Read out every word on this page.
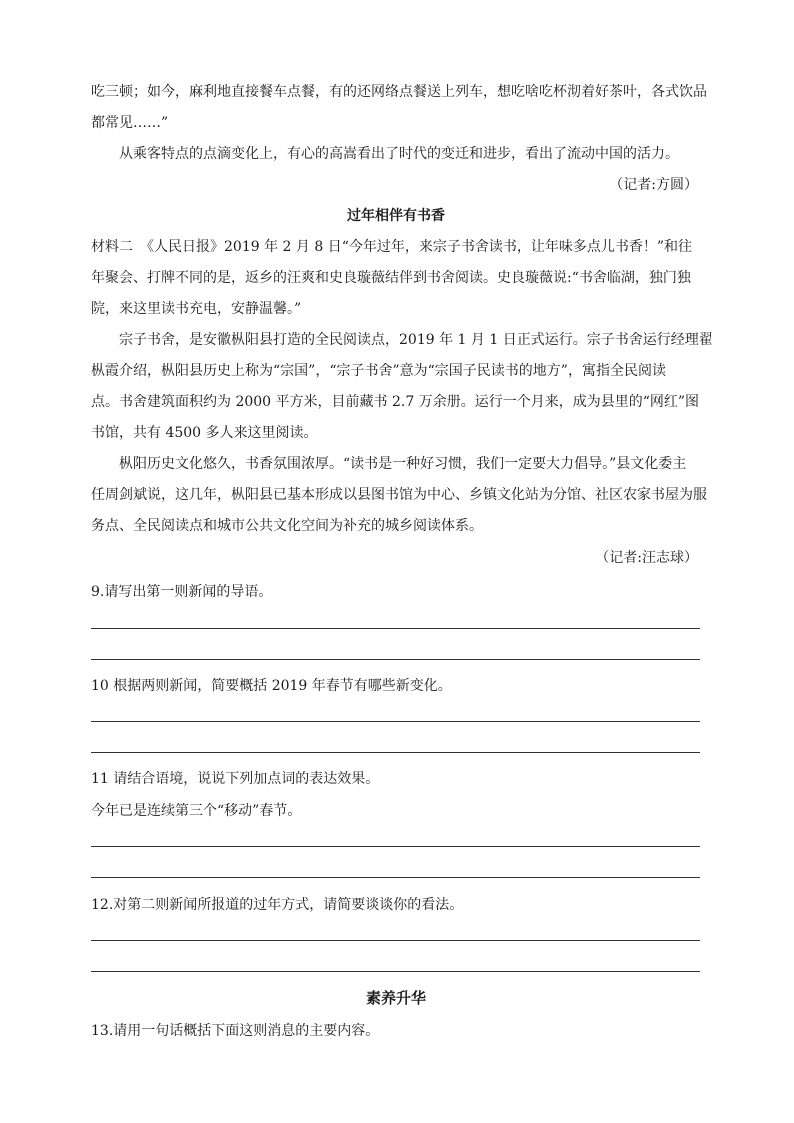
吃三顿；如今，麻利地直接餐车点餐，有的还网络点餐送上列车，想吃啥吃杯沏着好茶叶，各式饮品
都常见……”
从乘客特点的点滴变化上，有心的高嵩看出了时代的变迁和进步，看出了流动中国的活力。
（记者:方圆）
过年相伴有书香
材料二　《人民日报》2019 年 2 月 8 日“今年过年，来宗子书舍读书，让年味多点儿书香！”和往
年聚会、打牌不同的是，返乡的汪爽和史良璇薇结伴到书舍阅读。史良璇薇说:“书舍临湖，独门独
院，来这里读书充电，安静温馨。”
宗子书舍，是安徽枞阳县打造的全民阅读点，2019 年 1 月 1 日正式运行。宗子书舍运行经理翟
枞霞介绍，枞阳县历史上称为“宗国”，“宗子书舍”意为“宗国子民读书的地方”，寓指全民阅读
点。书舍建筑面积约为 2000 平方米，目前藏书 2.7 万余册。运行一个月来，成为县里的“网红”图
书馆，共有 4500 多人来这里阅读。
枞阳历史文化悠久，书香氛围浓厚。“读书是一种好习惯，我们一定要大力倡导。”县文化委主
任周剑斌说，这几年，枞阳县已基本形成以县图书馆为中心、乡镇文化站为分馆、社区农家书屋为服
务点、全民阅读点和城市公共文化空间为补充的城乡阅读体系。
（记者:汪志球）
9.请写出第一则新闻的导语。
10 根据两则新闻，简要概括 2019 年春节有哪些新变化。
11 请结合语境，说说下列加点词的表达效果。
今年已是连续第三个“移动”春节。
12.对第二则新闻所报道的过年方式，请简要谈谈你的看法。
素养升华
13.请用一句话概括下面这则消息的主要内容。
